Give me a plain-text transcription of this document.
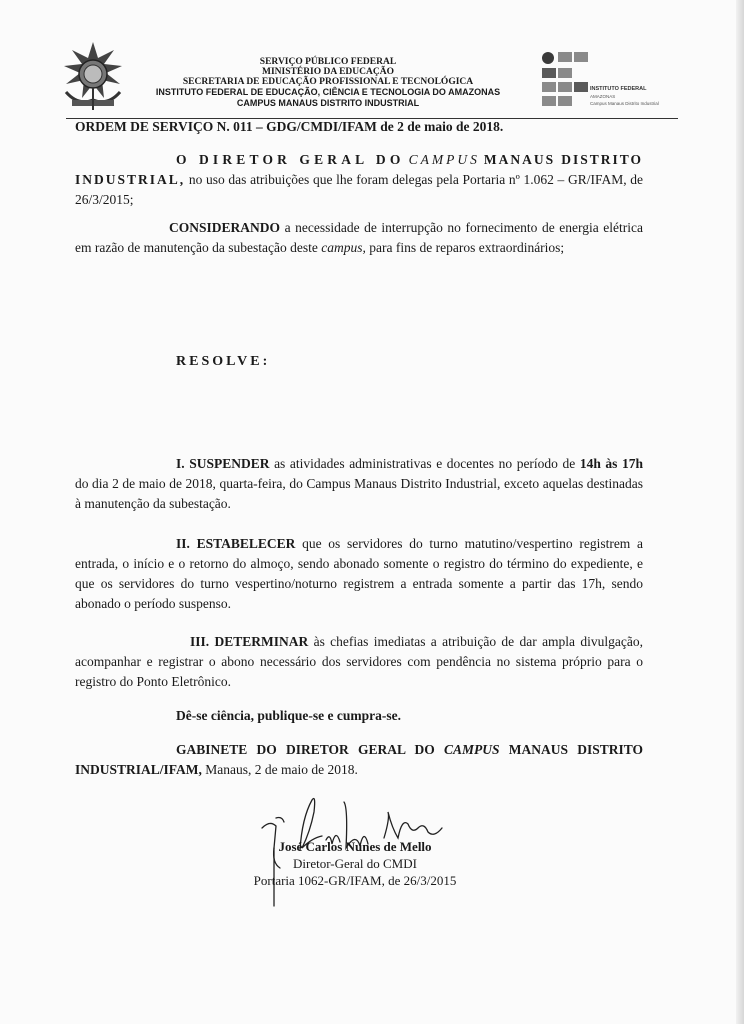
SERVIÇO PÚBLICO FEDERAL
MINISTÉRIO DA EDUCAÇÃO
SECRETARIA DE EDUCAÇÃO PROFISSIONAL E TECNOLÓGICA
INSTITUTO FEDERAL DE EDUCAÇÃO, CIÊNCIA E TECNOLOGIA DO AMAZONAS
CAMPUS MANAUS DISTRITO INDUSTRIAL
INSTITUTO FEDERAL
AMAZONAS
Campus Manaus Distrito Industrial
ORDEM DE SERVIÇO N. 011 – GDG/CMDI/IFAM de 2 de maio de 2018.
O DIRETOR GERAL DO CAMPUS MANAUS DISTRITO INDUSTRIAL, no uso das atribuições que lhe foram delegas pela Portaria nº 1.062 – GR/IFAM, de 26/3/2015;
CONSIDERANDO a necessidade de interrupção no fornecimento de energia elétrica em razão de manutenção da subestação deste campus, para fins de reparos extraordinários;
RESOLVE:
I. SUSPENDER as atividades administrativas e docentes no período de 14h às 17h do dia 2 de maio de 2018, quarta-feira, do Campus Manaus Distrito Industrial, exceto aquelas destinadas à manutenção da subestação.
II. ESTABELECER que os servidores do turno matutino/vespertino registrem a entrada, o início e o retorno do almoço, sendo abonado somente o registro do término do expediente, e que os servidores do turno vespertino/noturno registrem a entrada somente a partir das 17h, sendo abonado o período suspenso.
III. DETERMINAR às chefias imediatas a atribuição de dar ampla divulgação, acompanhar e registrar o abono necessário dos servidores com pendência no sistema próprio para o registro do Ponto Eletrônico.
Dê-se ciência, publique-se e cumpra-se.
GABINETE DO DIRETOR GERAL DO CAMPUS MANAUS DISTRITO INDUSTRIAL/IFAM, Manaus, 2 de maio de 2018.
José Carlos Nunes de Mello
Diretor-Geral do CMDI
Portaria 1062-GR/IFAM, de 26/3/2015
